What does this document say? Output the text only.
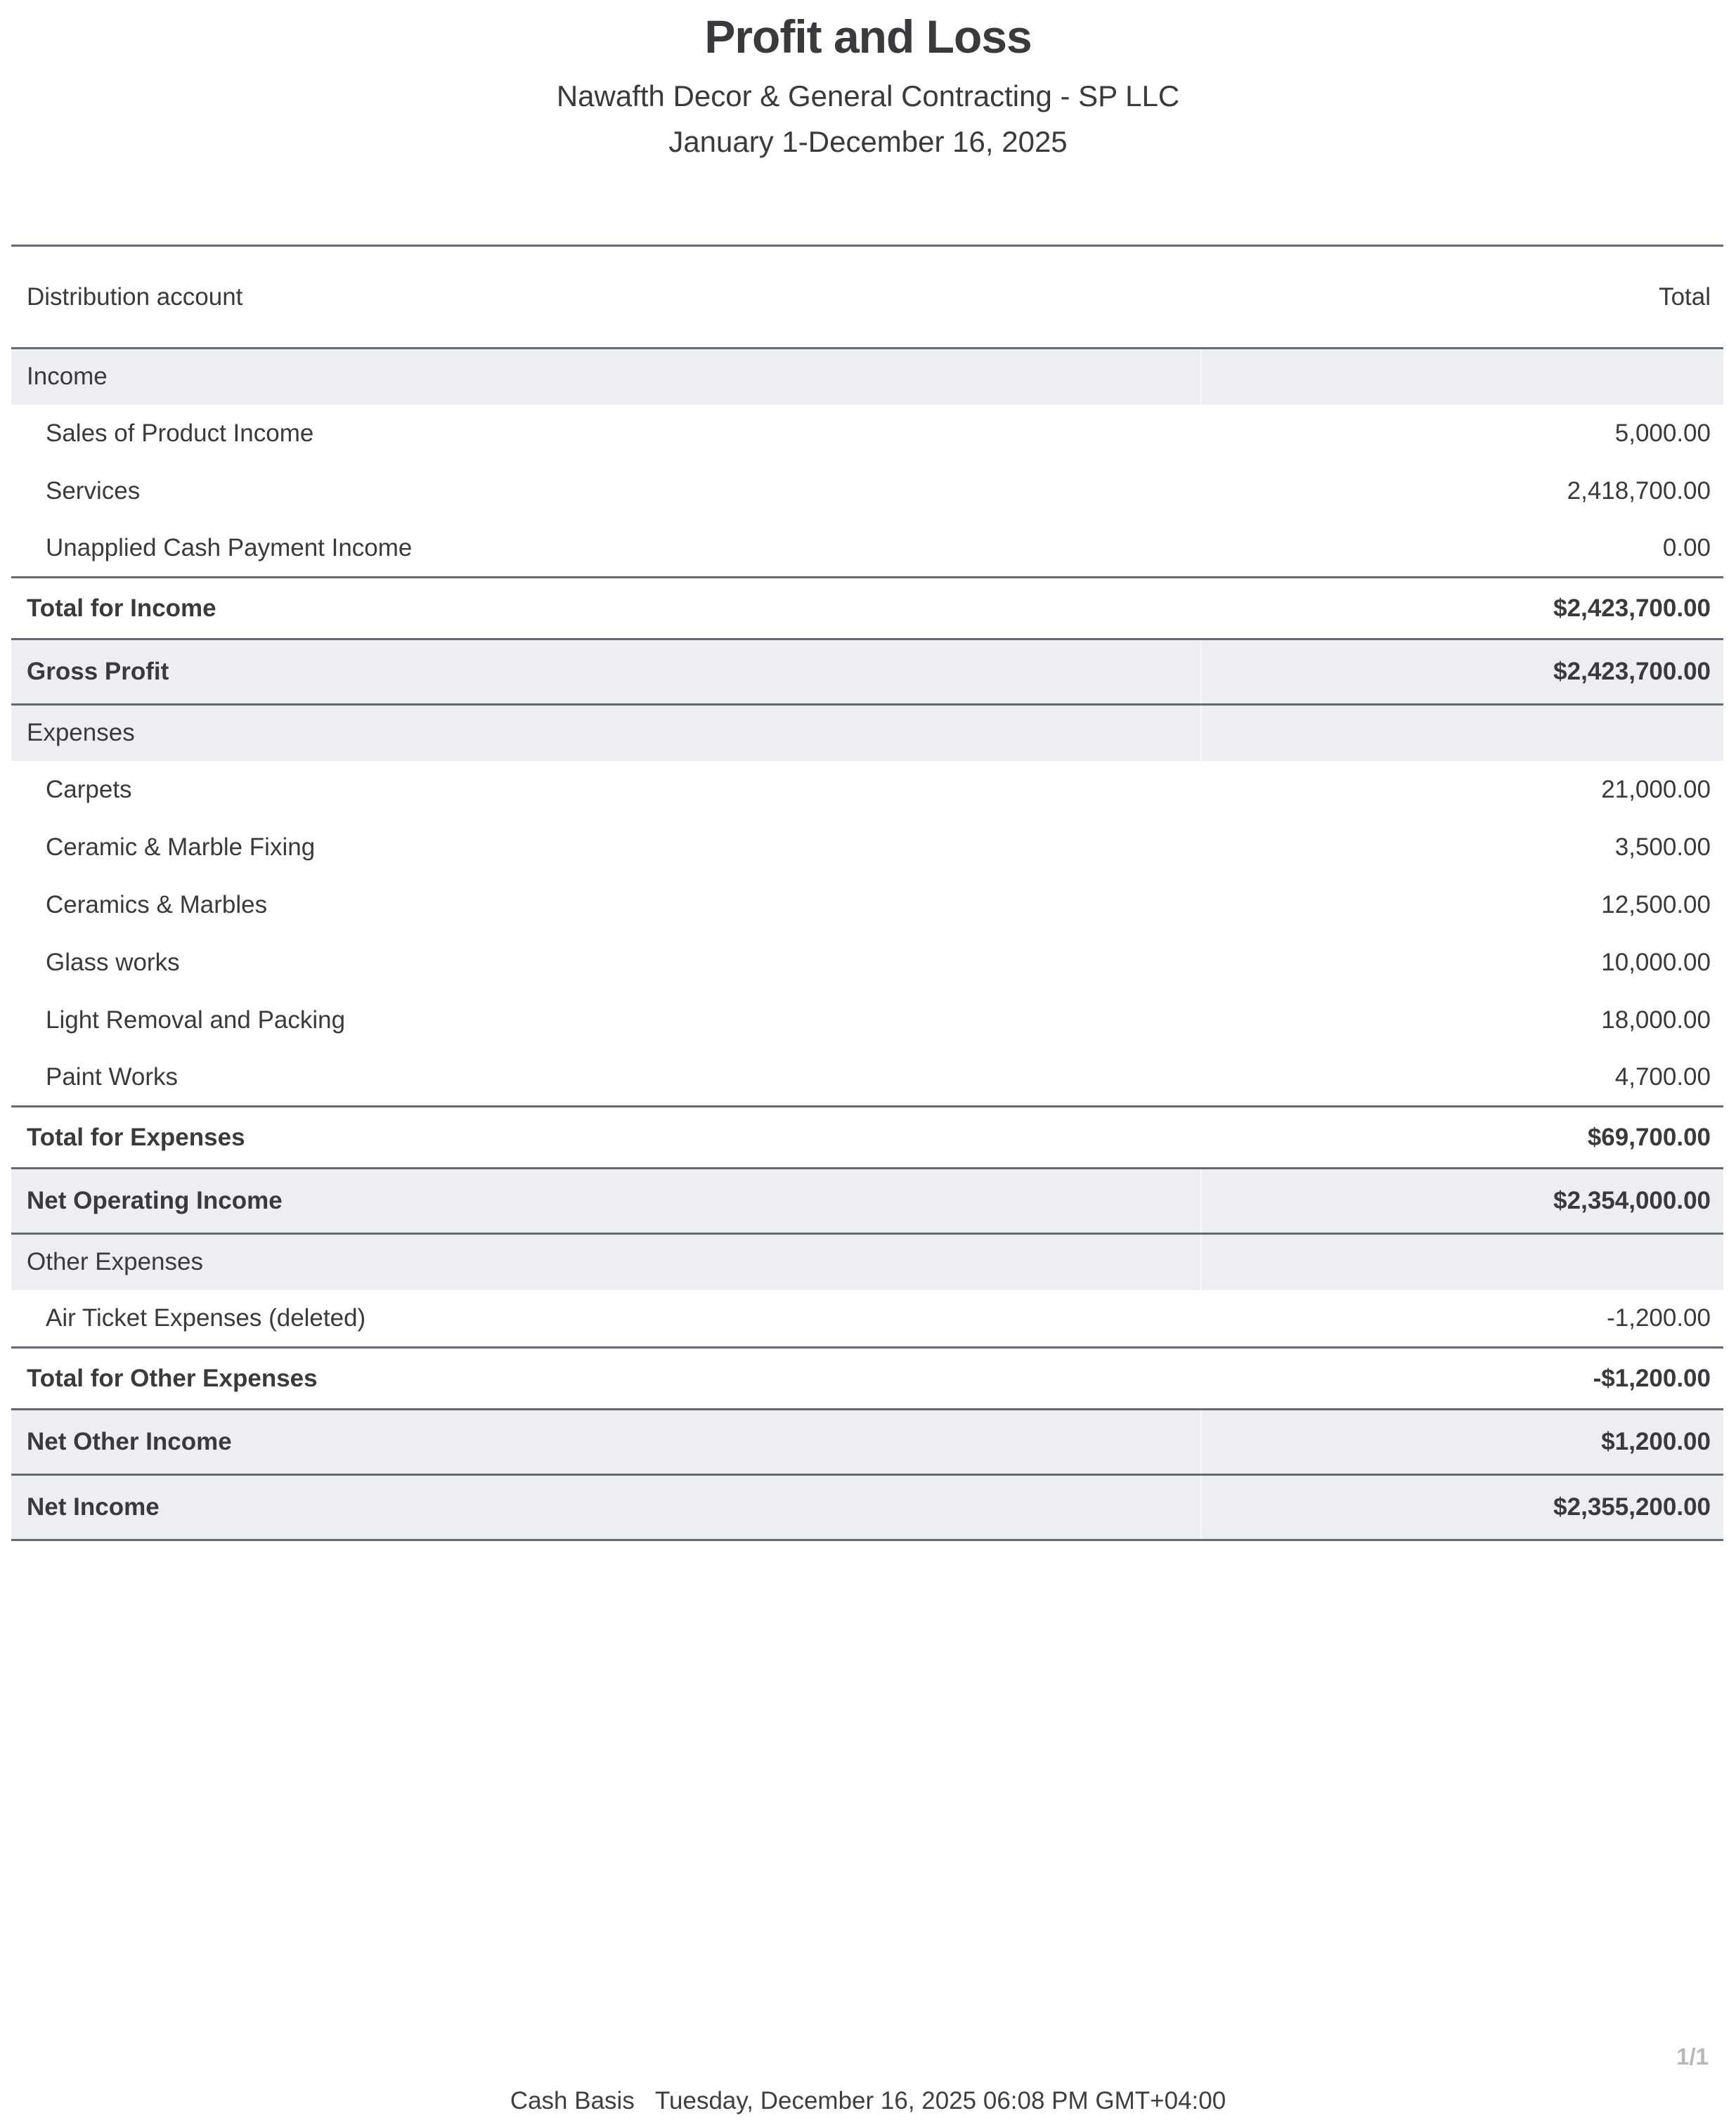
Profit and Loss
Nawafth Decor & General Contracting - SP LLC
January 1-December 16, 2025
Distribution account	Total
Income	
Sales of Product Income	5,000.00
Services	2,418,700.00
Unapplied Cash Payment Income	0.00
Total for Income	$2,423,700.00
Gross Profit	$2,423,700.00
Expenses	
Carpets	21,000.00
Ceramic & Marble Fixing	3,500.00
Ceramics & Marbles	12,500.00
Glass works	10,000.00
Light Removal and Packing	18,000.00
Paint Works	4,700.00
Total for Expenses	$69,700.00
Net Operating Income	$2,354,000.00
Other Expenses	
Air Ticket Expenses (deleted)	-1,200.00
Total for Other Expenses	-$1,200.00
Net Other Income	$1,200.00
Net Income	$2,355,200.00
1/1
Cash Basis Tuesday, December 16, 2025 06:08 PM GMT+04:00
